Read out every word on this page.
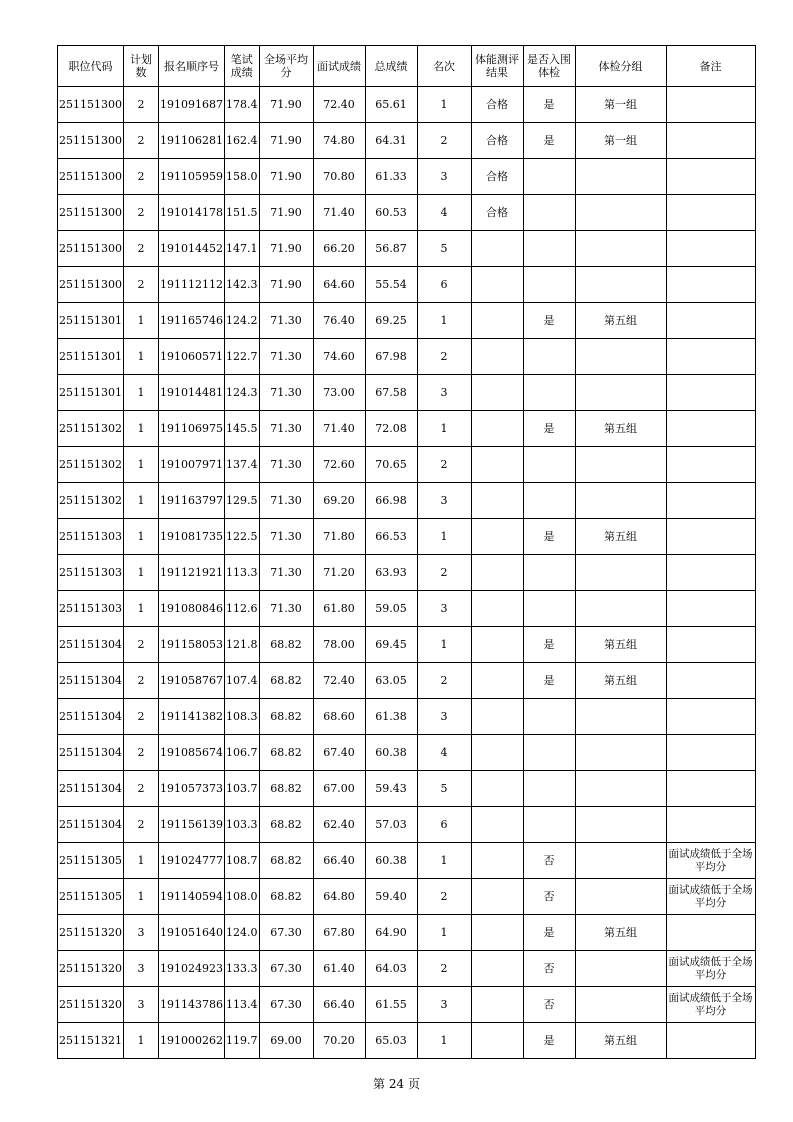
职位代码	计划数	报名顺序号	笔试成绩	全场平均分	面试成绩	总成绩	名次	体能测评结果	是否入围体检	体检分组	备注
251151300	2	191091687	178.4	71.90	72.40	65.61	1	合格	是	第一组	
251151300	2	191106281	162.4	71.90	74.80	64.31	2	合格	是	第一组	
251151300	2	191105959	158.0	71.90	70.80	61.33	3	合格			
251151300	2	191014178	151.5	71.90	71.40	60.53	4	合格			
251151300	2	191014452	147.1	71.90	66.20	56.87	5				
251151300	2	191112112	142.3	71.90	64.60	55.54	6				
251151301	1	191165746	124.2	71.30	76.40	69.25	1		是	第五组	
251151301	1	191060571	122.7	71.30	74.60	67.98	2				
251151301	1	191014481	124.3	71.30	73.00	67.58	3				
251151302	1	191106975	145.5	71.30	71.40	72.08	1		是	第五组	
251151302	1	191007971	137.4	71.30	72.60	70.65	2				
251151302	1	191163797	129.5	71.30	69.20	66.98	3				
251151303	1	191081735	122.5	71.30	71.80	66.53	1		是	第五组	
251151303	1	191121921	113.3	71.30	71.20	63.93	2				
251151303	1	191080846	112.6	71.30	61.80	59.05	3				
251151304	2	191158053	121.8	68.82	78.00	69.45	1		是	第五组	
251151304	2	191058767	107.4	68.82	72.40	63.05	2		是	第五组	
251151304	2	191141382	108.3	68.82	68.60	61.38	3				
251151304	2	191085674	106.7	68.82	67.40	60.38	4				
251151304	2	191057373	103.7	68.82	67.00	59.43	5				
251151304	2	191156139	103.3	68.82	62.40	57.03	6				
251151305	1	191024777	108.7	68.82	66.40	60.38	1		否		面试成绩低于全场平均分
251151305	1	191140594	108.0	68.82	64.80	59.40	2		否		面试成绩低于全场平均分
251151320	3	191051640	124.0	67.30	67.80	64.90	1		是	第五组	
251151320	3	191024923	133.3	67.30	61.40	64.03	2		否		面试成绩低于全场平均分
251151320	3	191143786	113.4	67.30	66.40	61.55	3		否		面试成绩低于全场平均分
251151321	1	191000262	119.7	69.00	70.20	65.03	1		是	第五组	
第 24 页
